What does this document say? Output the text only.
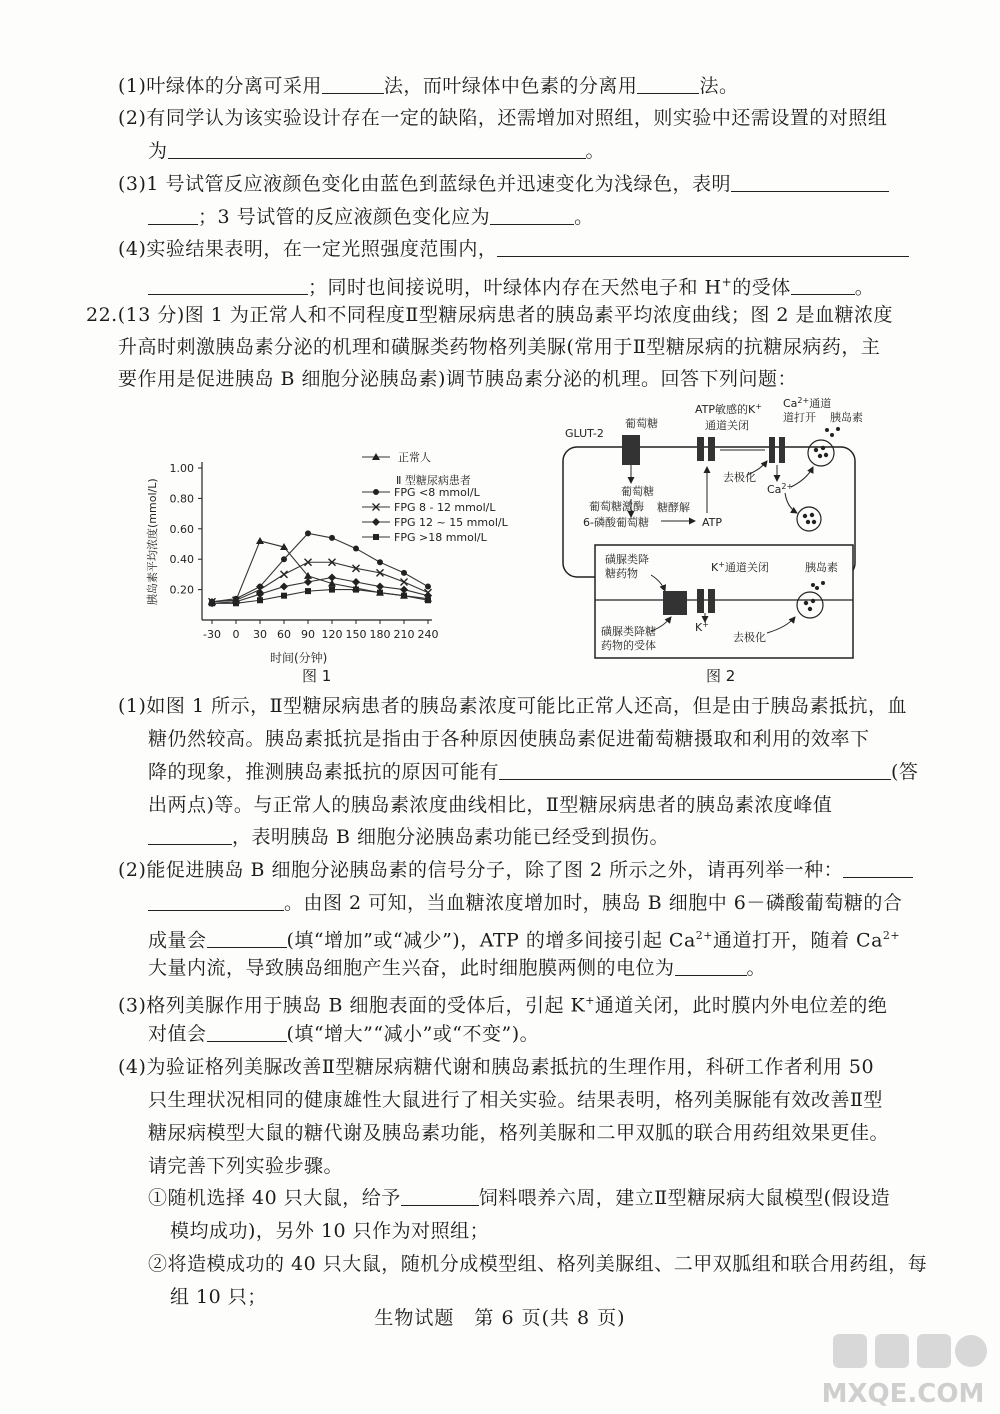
(1)叶绿体的分离可采用	法，而叶绿体中色素的分离用	法。
(2)有同学认为该实验设计存在一定的缺陷，还需增加对照组，则实验中还需设置的对照组
为	。
(3)1 号试管反应液颜色变化由蓝色到蓝绿色并迅速变化为浅绿色，表明
；3 号试管的反应液颜色变化应为	。
(4)实验结果表明，在一定光照强度范围内，
；同时也间接说明，叶绿体内存在天然电子和 H+的受体	。
22.(13 分)图 1 为正常人和不同程度Ⅱ型糖尿病患者的胰岛素平均浓度曲线；图 2 是血糖浓度
升高时刺激胰岛素分泌的机理和磺脲类药物格列美脲(常用于Ⅱ型糖尿病的抗糖尿病药，主
要作用是促进胰岛 B 细胞分泌胰岛素)调节胰岛素分泌的机理。回答下列问题：
胰岛素平均浓度(mmol/L) 0.20
0.40
0.60
0.80
1.00
-30 0 30 60 90 120 150 180 210 240
时间(分钟)
正常人
Ⅱ 型糖尿病患者
FPG <8 mmol/L
FPG 8 - 12 mmol/L
FPG 12 ~ 15 mmol/L
FPG >18 mmol/L
图 1
GLUT-2
葡萄糖
ATP敏感的K+
通道关闭
$Ca^{2+}$通道
道打开 胰岛素
葡萄糖
葡萄糖激酶
6-磷酸葡萄糖
糖酵解
ATP
去极化
$Ca^{2+}$
磺脲类降
糖药物	K+通道关闭	胰岛素
K+
去极化
磺脲类降糖
药物的受体
图 2
(1)如图 1 所示，Ⅱ型糖尿病患者的胰岛素浓度可能比正常人还高，但是由于胰岛素抵抗，血
糖仍然较高。胰岛素抵抗是指由于各种原因使胰岛素促进葡萄糖摄取和利用的效率下
降的现象，推测胰岛素抵抗的原因可能有	(答
出两点)等。与正常人的胰岛素浓度曲线相比，Ⅱ型糖尿病患者的胰岛素浓度峰值
，表明胰岛 B 细胞分泌胰岛素功能已经受到损伤。
(2)能促进胰岛 B 细胞分泌胰岛素的信号分子，除了图 2 所示之外，请再列举一种：
。由图 2 可知，当血糖浓度增加时，胰岛 B 细胞中 6－磷酸葡萄糖的合
成量会	(填“增加”或“减少”)，ATP 的增多间接引起 $Ca^{2+}$通道打开，随着 $Ca^{2+}$
大量内流，导致胰岛细胞产生兴奋，此时细胞膜两侧的电位为	。
(3)格列美脲作用于胰岛 B 细胞表面的受体后，引起 K+通道关闭，此时膜内外电位差的绝
对值会	(填“增大”“减小”或“不变”)。
(4)为验证格列美脲改善Ⅱ型糖尿病糖代谢和胰岛素抵抗的生理作用，科研工作者利用 50
只生理状况相同的健康雄性大鼠进行了相关实验。结果表明，格列美脲能有效改善Ⅱ型
糖尿病模型大鼠的糖代谢及胰岛素功能，格列美脲和二甲双胍的联合用药组效果更佳。
请完善下列实验步骤。
①随机选择 40 只大鼠，给予	饲料喂养六周，建立Ⅱ型糖尿病大鼠模型(假设造
模均成功)，另外 10 只作为对照组；
②将造模成功的 40 只大鼠，随机分成模型组、格列美脲组、二甲双胍组和联合用药组，每
组 10 只；
生物试题　第 6 页(共 8 页)
MXQE.COM
